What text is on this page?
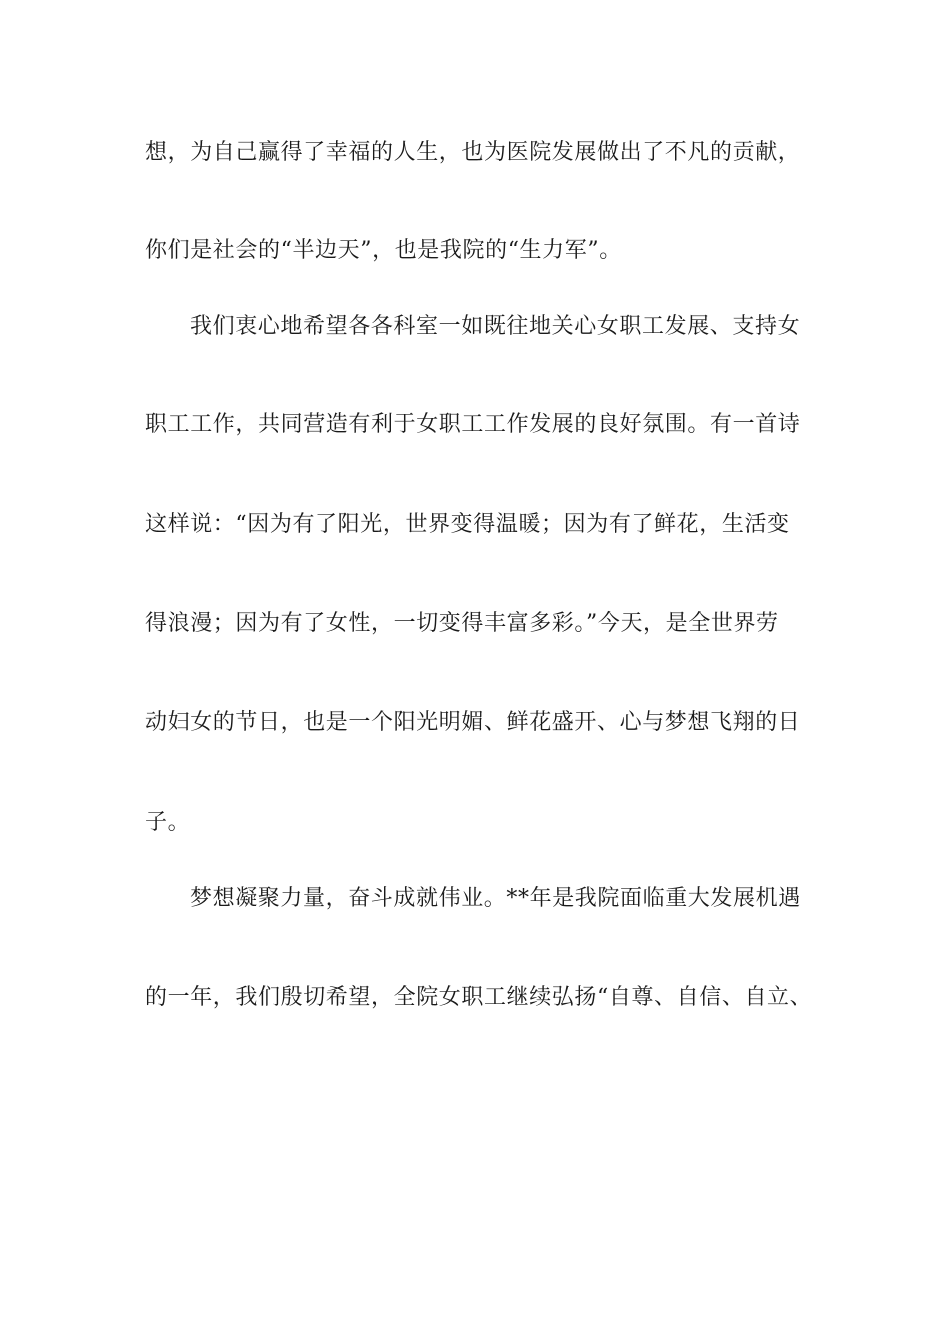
想，为自己赢得了幸福的人生，也为医院发展做出了不凡的贡献，
你们是社会的“半边天”，也是我院的“生力军”。
我们衷心地希望各各科室一如既往地关心女职工发展、支持女
职工工作，共同营造有利于女职工工作发展的良好氛围。有一首诗
这样说：“因为有了阳光，世界变得温暖；因为有了鲜花，生活变
得浪漫；因为有了女性，一切变得丰富多彩。”今天，是全世界劳
动妇女的节日，也是一个阳光明媚、鲜花盛开、心与梦想飞翔的日
子。
梦想凝聚力量，奋斗成就伟业。**年是我院面临重大发展机遇
的一年，我们殷切希望，全院女职工继续弘扬“自尊、自信、自立、
